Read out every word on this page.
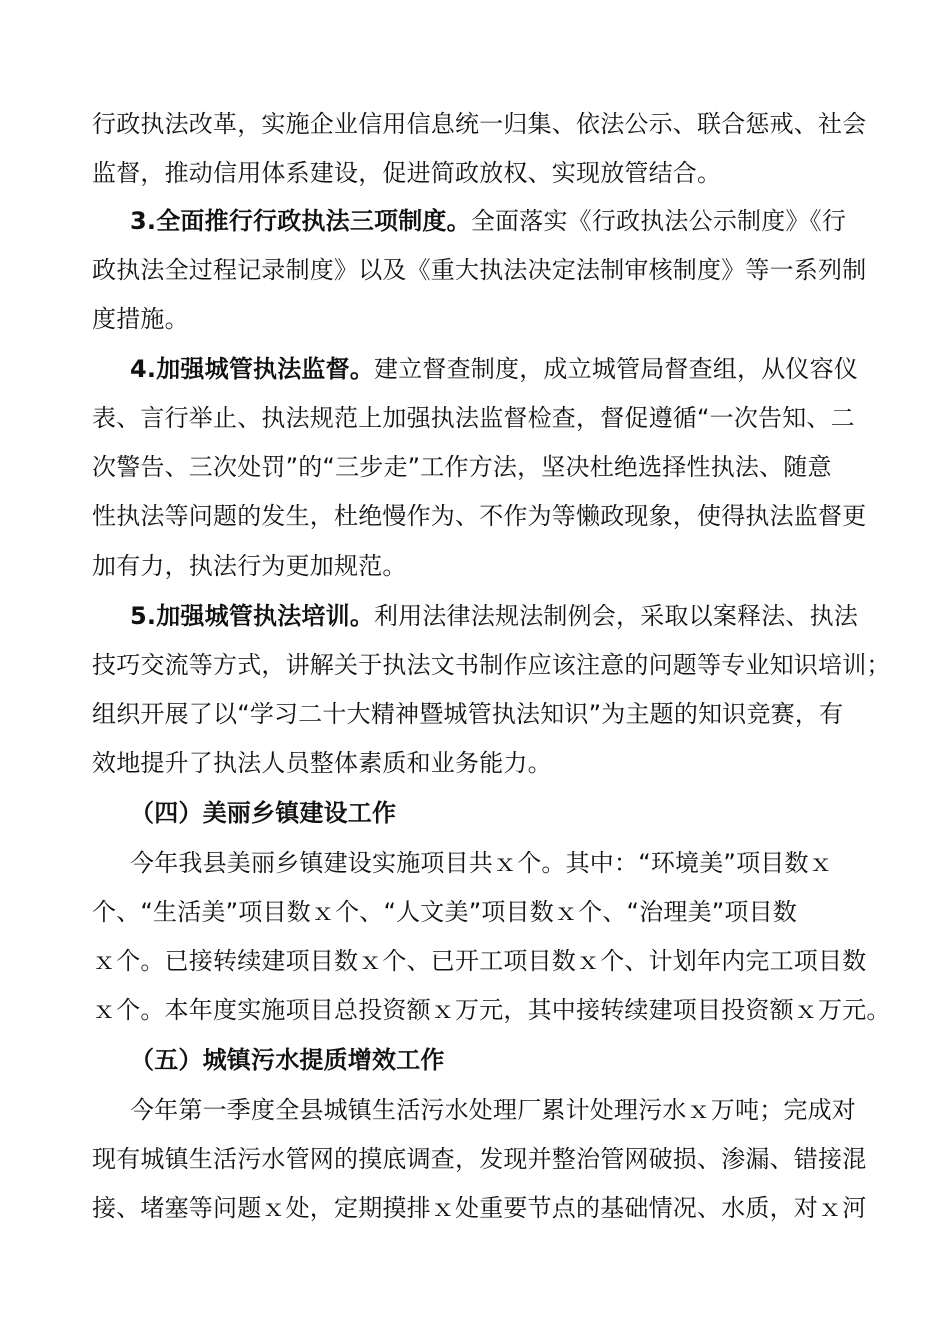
行政执法改革，实施企业信用信息统一归集、依法公示、联合惩戒、社会
监督，推动信用体系建设，促进简政放权、实现放管结合。
3.全面推行行政执法三项制度。全面落实《行政执法公示制度》《行
政执法全过程记录制度》以及《重大执法决定法制审核制度》等一系列制
度措施。
4.加强城管执法监督。建立督查制度，成立城管局督查组，从仪容仪
表、言行举止、执法规范上加强执法监督检查，督促遵循“一次告知、二
次警告、三次处罚”的“三步走”工作方法，坚决杜绝选择性执法、随意
性执法等问题的发生，杜绝慢作为、不作为等懒政现象，使得执法监督更
加有力，执法行为更加规范。
5.加强城管执法培训。利用法律法规法制例会，采取以案释法、执法
技巧交流等方式，讲解关于执法文书制作应该注意的问题等专业知识培训；
组织开展了以“学习二十大精神暨城管执法知识”为主题的知识竞赛，有
效地提升了执法人员整体素质和业务能力。
（四）美丽乡镇建设工作
今年我县美丽乡镇建设实施项目共ｘ个。其中：“环境美”项目数ｘ
个、“生活美”项目数ｘ个、“人文美”项目数ｘ个、“治理美”项目数
ｘ个。已接转续建项目数ｘ个、已开工项目数ｘ个、计划年内完工项目数
ｘ个。本年度实施项目总投资额ｘ万元，其中接转续建项目投资额ｘ万元。
（五）城镇污水提质增效工作
今年第一季度全县城镇生活污水处理厂累计处理污水ｘ万吨；完成对
现有城镇生活污水管网的摸底调查，发现并整治管网破损、渗漏、错接混
接、堵塞等问题ｘ处，定期摸排ｘ处重要节点的基础情况、水质，对ｘ河
